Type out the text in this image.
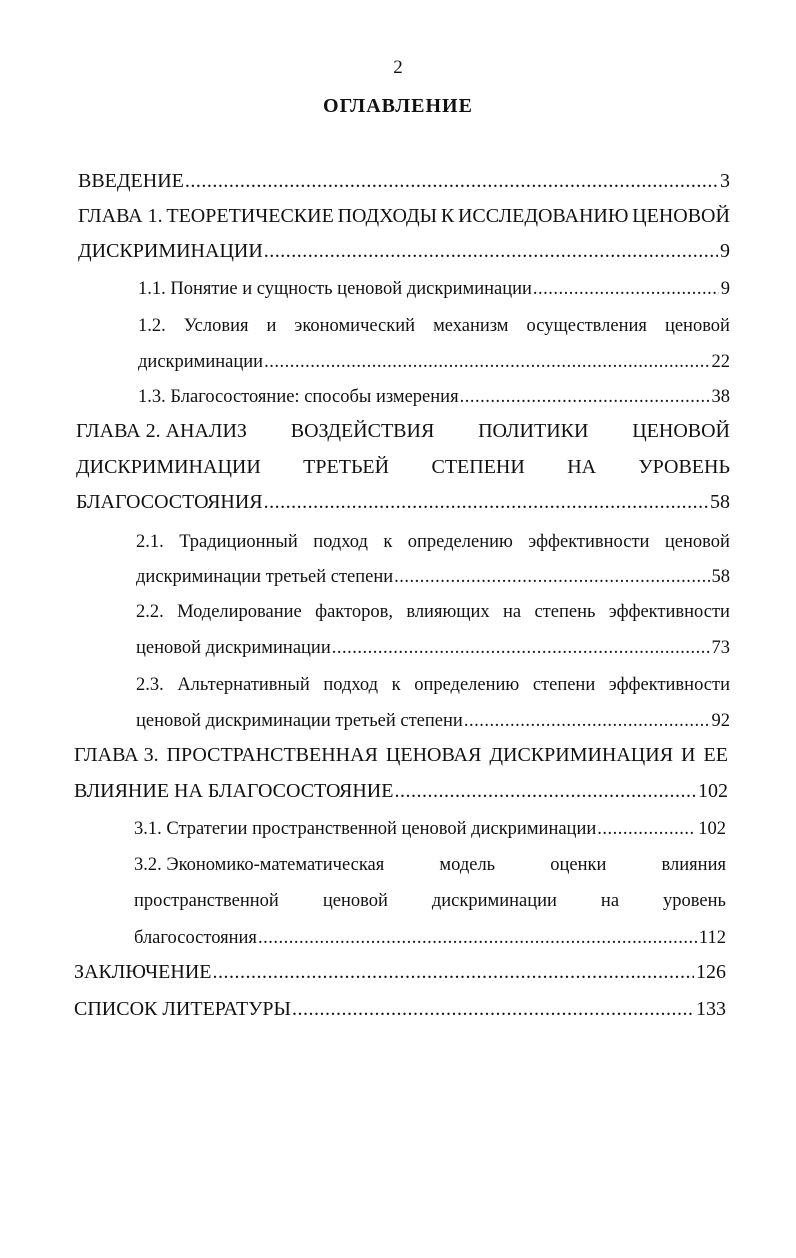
2
ОГЛАВЛЕНИЕ
ВВЕДЕНИЕ .....	3
ГЛАВА 1. ТЕОРЕТИЧЕСКИЕ ПОДХОДЫ К ИССЛЕДОВАНИЮ ЦЕНОВОЙ
ДИСКРИМИНАЦИИ .....	9
1.1. Понятие и сущность ценовой дискриминации .....	9
1.2. Условия и экономический механизм осуществления ценовой
дискриминации .....	22
1.3. Благосостояние: способы измерения .....	38
ГЛАВА 2. АНАЛИЗ ВОЗДЕЙСТВИЯ ПОЛИТИКИ ЦЕНОВОЙ
ДИСКРИМИНАЦИИ ТРЕТЬЕЙ СТЕПЕНИ НА УРОВЕНЬ
БЛАГОСОСТОЯНИЯ .....	58
2.1. Традиционный подход к определению эффективности ценовой
дискриминации третьей степени .....	58
2.2. Моделирование факторов, влияющих на степень эффективности
ценовой дискриминации .....	73
2.3. Альтернативный подход к определению степени эффективности
ценовой дискриминации третьей степени .....	92
ГЛАВА 3. ПРОСТРАНСТВЕННАЯ ЦЕНОВАЯ ДИСКРИМИНАЦИЯ И ЕЕ
ВЛИЯНИЕ НА БЛАГОСОСТОЯНИЕ .....	102
3.1. Стратегии пространственной ценовой дискриминации .....	102
3.2. Экономико-математическая	модель	оценки	влияния
пространственной ценовой дискриминации на уровень
благосостояния .....	112
ЗАКЛЮЧЕНИЕ .....	126
СПИСОК ЛИТЕРАТУРЫ .....	133
